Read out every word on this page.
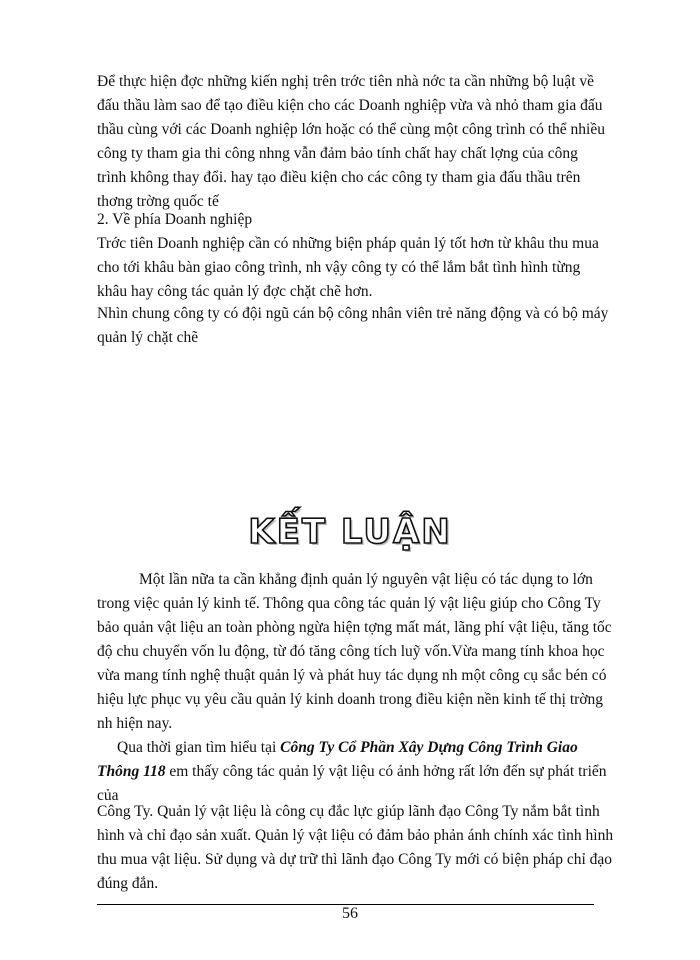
Để thực hiện đợc những kiến nghị trên trớc tiên nhà nớc ta cần những bộ luật về
đấu thầu làm sao để tạo điều kiện cho các Doanh nghiệp vừa và nhỏ tham gia đấu
thầu cùng với các Doanh nghiệp lớn hoặc có thể cùng một công trình có thể nhiều
công ty tham gia thi công nhng vẫn đảm bảo tính chất hay chất lợng của công
trình không thay đổi. hay tạo điều kiện cho các công ty tham gia đấu thầu trên
thơng trờng quốc tế
2. Về phía Doanh nghiệp
Trớc tiên Doanh nghiệp cần có những biện pháp quản lý tốt hơn từ khâu thu mua
cho tới khâu bàn giao công trình, nh vậy công ty có thể lắm bắt tình hình từng
khâu hay công tác quản lý đợc chặt chẽ hơn.
Nhìn chung công ty có đội ngũ cán bộ công nhân viên trẻ năng động và có bộ máy
quản lý chặt chẽ
KẾT LUẬN
Một lần nữa ta cần khẳng định quản lý nguyên vật liệu có tác dụng to lớn
trong việc quản lý kinh tế. Thông qua công tác quản lý vật liệu giúp cho Công Ty
bảo quản vật liệu an toàn phòng ngừa hiện tợng mất mát, lãng phí vật liệu, tăng tốc
độ chu chuyển vốn lu động, từ đó tăng công tích luỹ vốn.Vừa mang tính khoa học
vừa mang tính nghệ thuật quản lý và phát huy tác dụng nh một công cụ sắc bén có
hiệu lực phục vụ yêu cầu quản lý kinh doanh trong điều kiện nền kinh tế thị trờng
nh hiện nay.
Qua thời gian tìm hiểu tại Công Ty Cổ Phần Xây Dựng Công Trình Giao
Thông 118 em thấy công tác quản lý vật liệu có ảnh hởng rất lớn đến sự phát triển
của
Công Ty. Quản lý vật liệu là công cụ đắc lực giúp lãnh đạo Công Ty nắm bắt tình
hình và chỉ đạo sản xuất. Quản lý vật liệu có đảm bảo phản ánh chính xác tình hình
thu mua vật liệu. Sử dụng và dự trữ thì lãnh đạo Công Ty mới có biện pháp chỉ đạo
đúng đắn.
56
